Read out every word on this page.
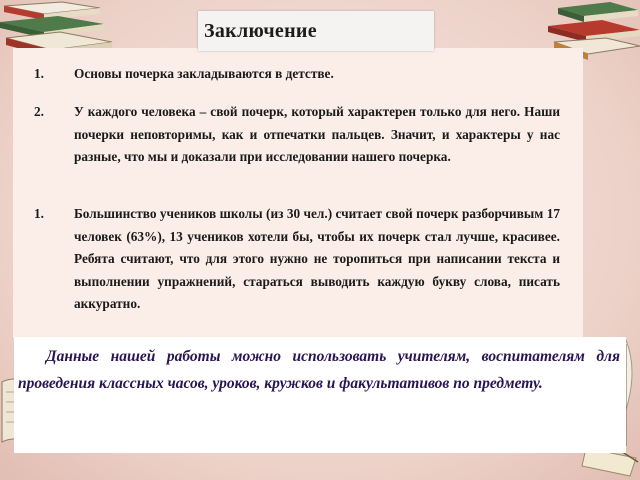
Заключение
1. Основы почерка закладываются в детстве.
2. У каждого человека – свой почерк, который характерен только для него. Наши почерки неповторимы, как и отпечатки пальцев. Значит, и характеры у нас разные, что мы и доказали при исследовании нашего почерка.
1. Большинство учеников школы (из 30 чел.) считает свой почерк разборчивым 17 человек (63%), 13 учеников хотели бы, чтобы их почерк стал лучше, красивее. Ребята считают, что для этого нужно не торопиться при написании текста и выполнении упражнений, стараться выводить каждую букву слова, писать аккуратно.

Данные нашей работы можно использовать учителям, воспитателям для проведения классных часов, уроков, кружков и факультативов по предмету.
